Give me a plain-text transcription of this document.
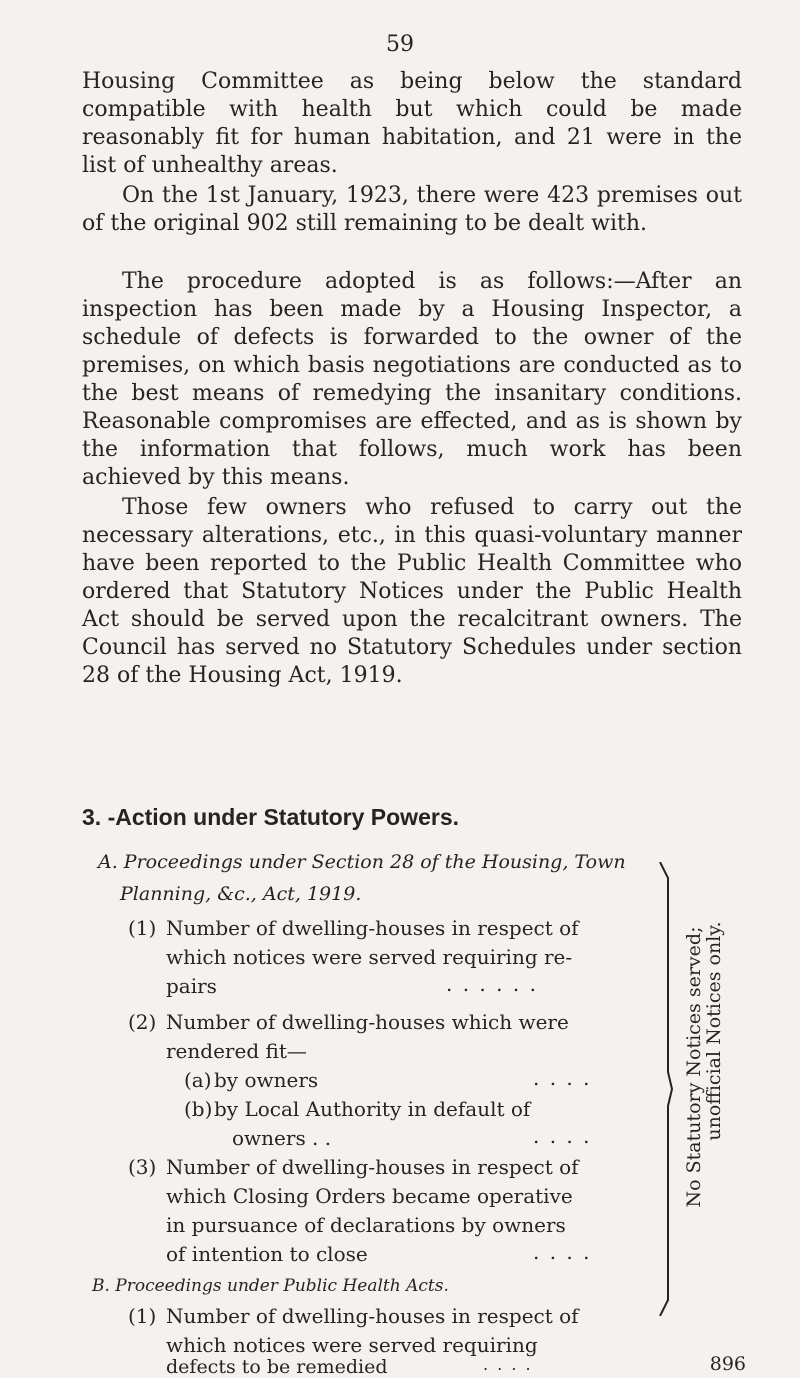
59

Housing Committee as being below the standard compatible with health but which could be made reasonably fit for human habitation, and 21 were in the list of unhealthy areas.

On the 1st January, 1923, there were 423 premises out of the original 902 still remaining to be dealt with.

The procedure adopted is as follows:—After an inspection has been made by a Housing Inspector, a schedule of defects is forwarded to the owner of the premises, on which basis negotiations are conducted as to the best means of remedying the insanitary conditions. Reasonable compromises are effected, and as is shown by the information that follows, much work has been achieved by this means.

Those few owners who refused to carry out the necessary alterations, etc., in this quasi-voluntary manner have been reported to the Public Health Committee who ordered that Statutory Notices under the Public Health Act should be served upon the recalcitrant owners. The Council has served no Statutory Schedules under section 28 of the Housing Act, 1919.

3. -Action under Statutory Powers.
A. Proceedings under Section 28 of the Housing, Town
Planning, &c., Act, 1919.
(1) Number of dwelling-houses in respect of
which notices were served requiring re-
pairs	. . . . . .
(2) Number of dwelling-houses which were
rendered fit—
(a) by owners	. . . .
(b) by Local Authority in default of
owners . .	. . . .
(3) Number of dwelling-houses in respect of
which Closing Orders became operative
in pursuance of declarations by owners
of intention to close	. . . .
No Statutory Notices served;
unofficial Notices only.
B. Proceedings under Public Health Acts.
(1) Number of dwelling-houses in respect of
which notices were served requiring
defects to be remedied	. . . .	896
